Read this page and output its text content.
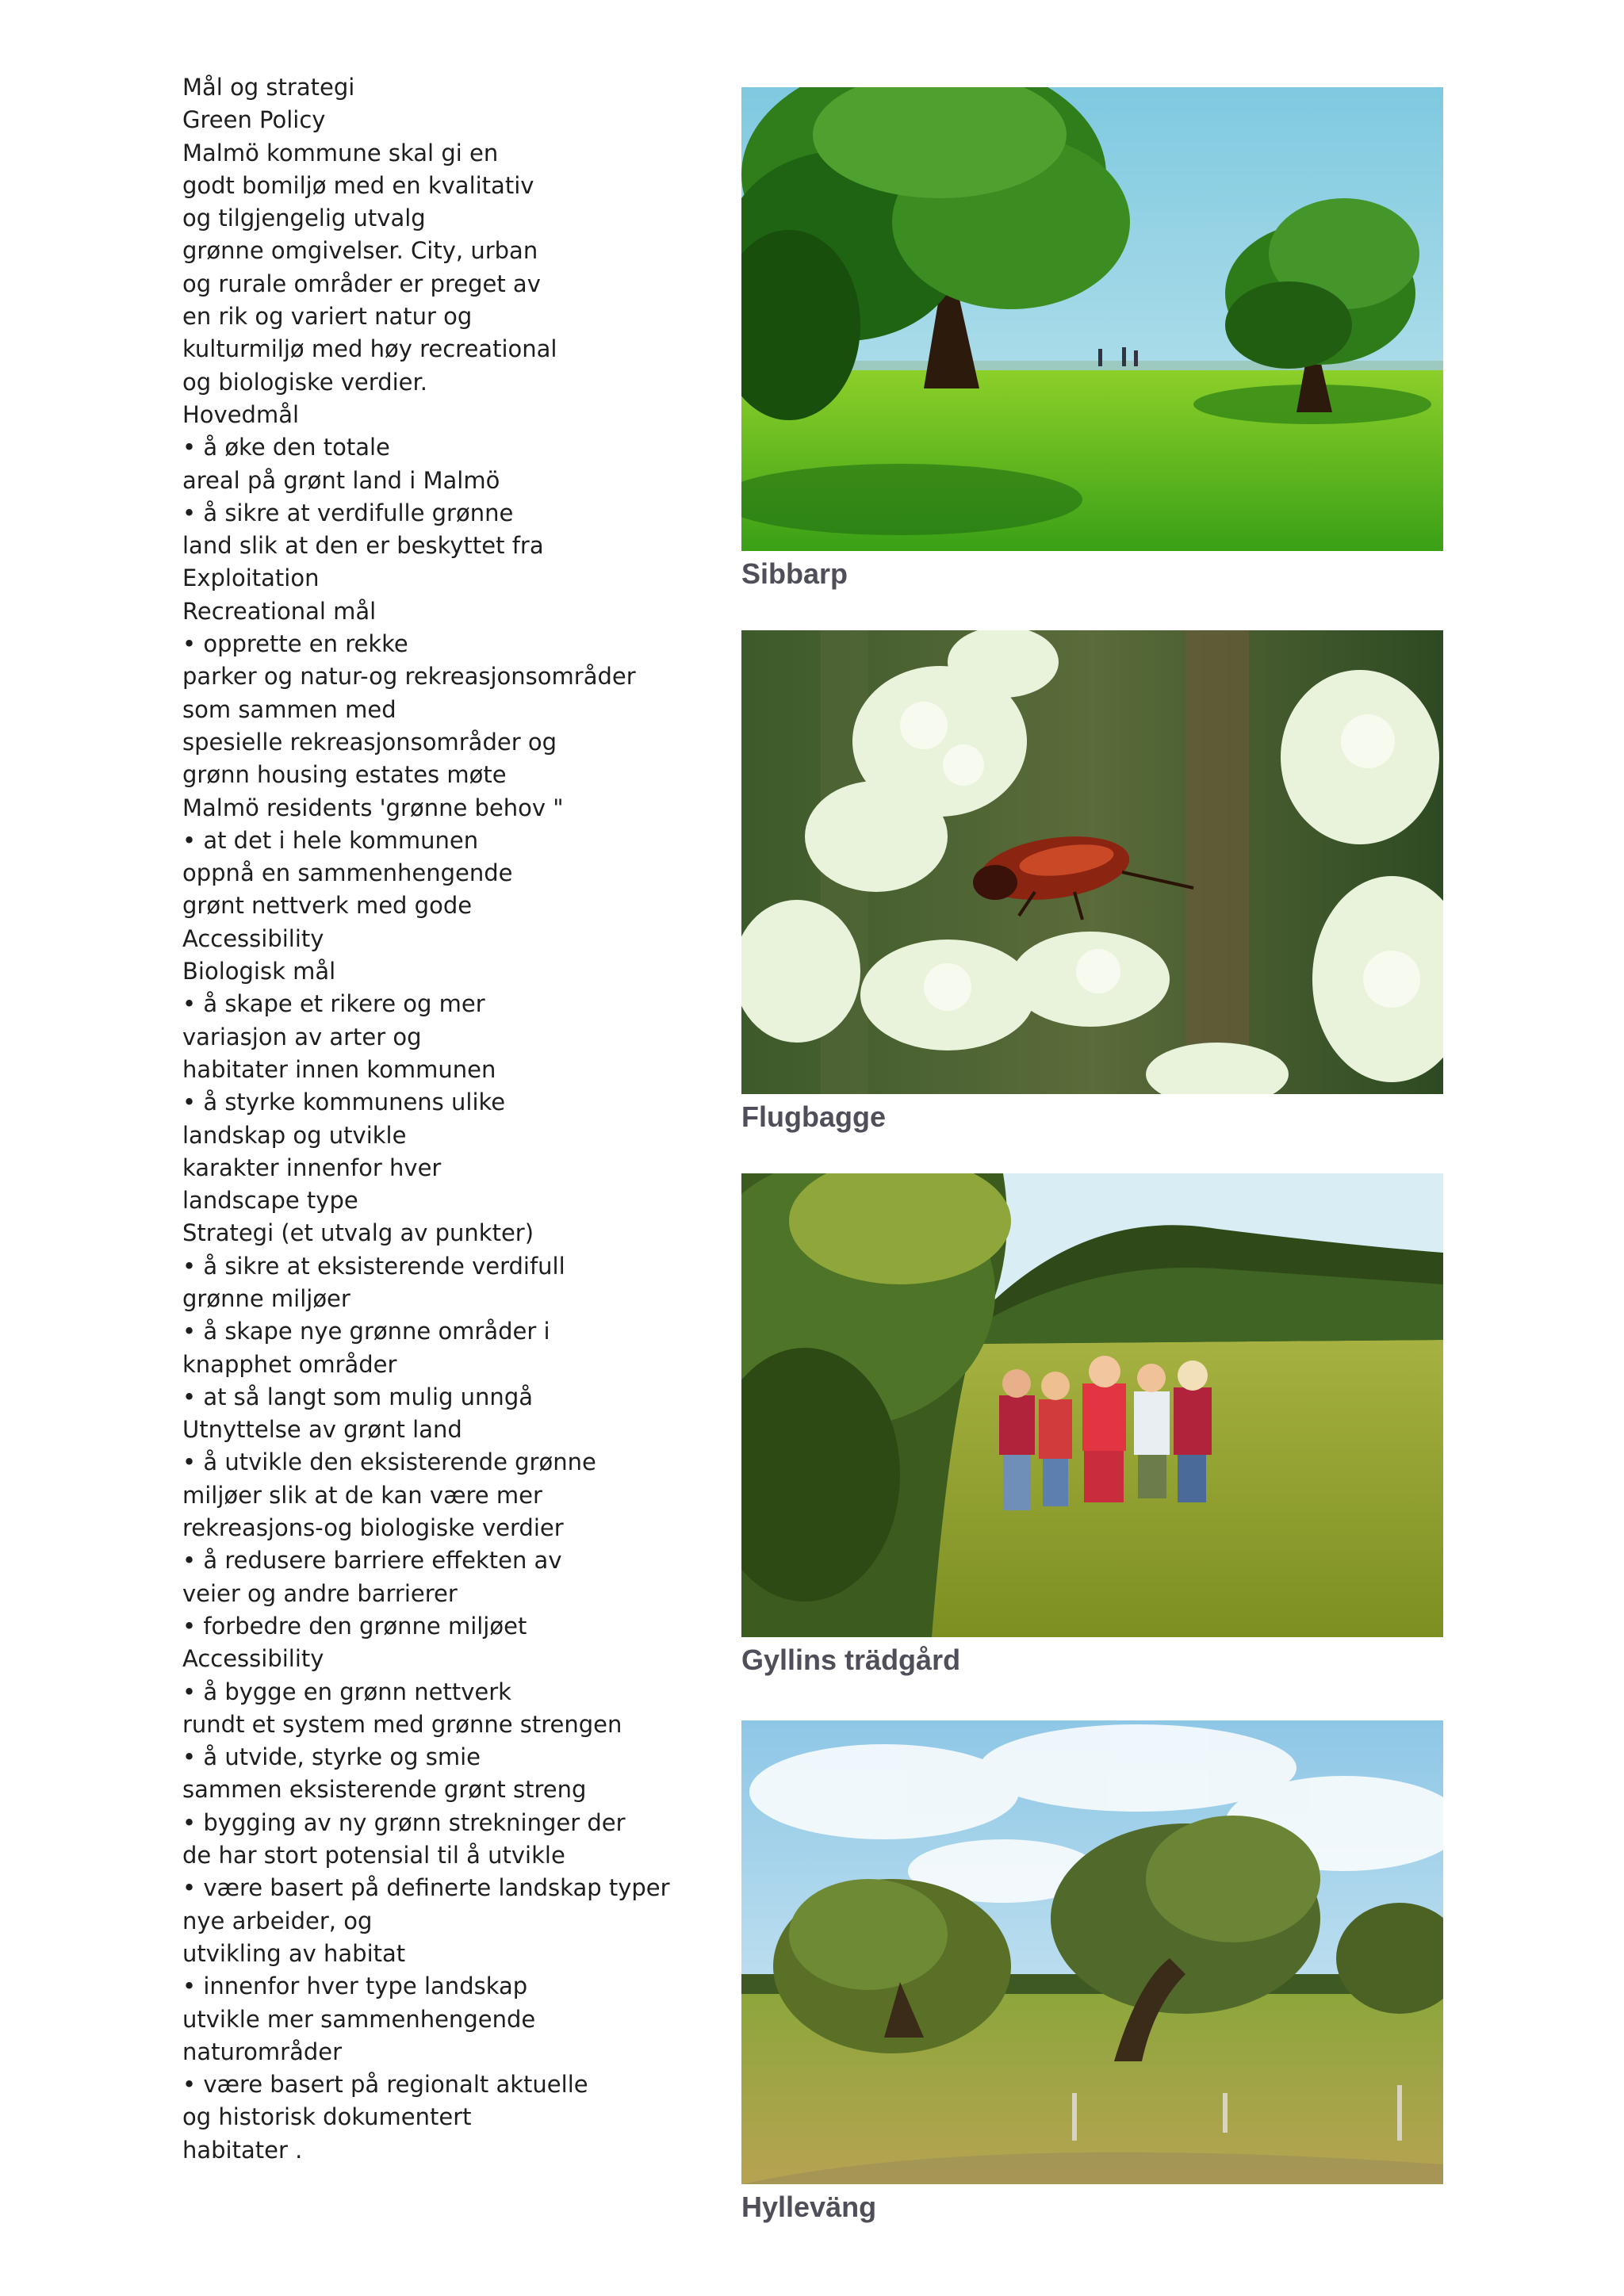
Mål og strategi
Green Policy
Malmö kommune skal gi en
godt bomiljø med en kvalitativ
og tilgjengelig utvalg
grønne omgivelser. City, urban
og rurale områder er preget av
en rik og variert natur og
kulturmiljø med høy recreational
og biologiske verdier.
Hovedmål
• å øke den totale
areal på grønt land i Malmö
• å sikre at verdifulle grønne
land slik at den er beskyttet fra
Exploitation
Recreational mål
• opprette en rekke
parker og natur-og rekreasjonsområder
som sammen med
spesielle rekreasjonsområder og
grønn housing estates møte
Malmö residents 'grønne behov "
• at det i hele kommunen
oppnå en sammenhengende
grønt nettverk med gode
Accessibility
Biologisk mål
• å skape et rikere og mer
variasjon av arter og
habitater innen kommunen
• å styrke kommunens ulike
landskap og utvikle
karakter innenfor hver
landscape type
Strategi (et utvalg av punkter)
• å sikre at eksisterende verdifull
grønne miljøer
• å skape nye grønne områder i
knapphet områder
• at så langt som mulig unngå
Utnyttelse av grønt land
• å utvikle den eksisterende grønne
miljøer slik at de kan være mer
rekreasjons-og biologiske verdier
• å redusere barriere effekten av
veier og andre barrierer
• forbedre den grønne miljøet
Accessibility
• å bygge en grønn nettverk
rundt et system med grønne strengen
• å utvide, styrke og smie
sammen eksisterende grønt streng
• bygging av ny grønn strekninger der
de har stort potensial til å utvikle
• være basert på definerte landskap typer
nye arbeider, og
utvikling av habitat
• innenfor hver type landskap
utvikle mer sammenhengende
naturområder
• være basert på regionalt aktuelle
og historisk dokumentert
habitater .
Sibbarp
Flugbagge
Gyllins trädgård
Hylleväng
